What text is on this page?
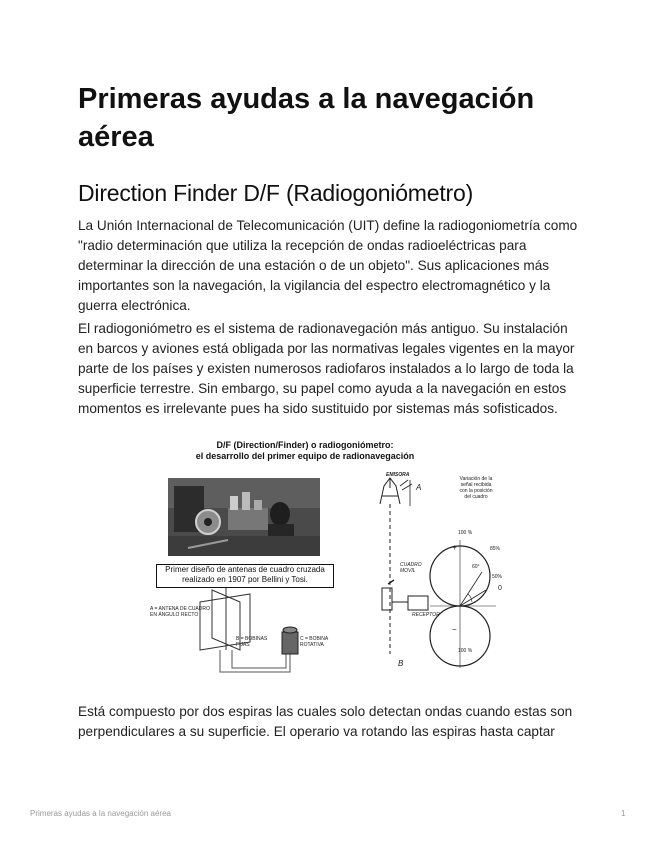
Primeras ayudas a la navegación aérea
Direction Finder D/F (Radiogoniómetro)

La Unión Internacional de Telecomunicación (UIT) define la radiogoniometría como "radio determinación que utiliza la recepción de ondas radioeléctricas para determinar la dirección de una estación o de un objeto". Sus aplicaciones más importantes son la navegación, la vigilancia del espectro electromagnético y la guerra electrónica.

El radiogoniómetro es el sistema de radionavegación más antiguo. Su instalación en barcos y aviones está obligada por las normativas legales vigentes en la mayor parte de los países y existen numerosos radiofaros instalados a lo largo de toda la superficie terrestre. Sin embargo, su papel como ayuda a la navegación en estos momentos es irrelevante pues ha sido sustituido por sistemas más sofisticados.

D/F (Direction/Finder) o radiogoniómetro:
el desarrollo del primer equipo de radionavegación
Primer diseño de antenas de cuadro cruzada
realizado en 1907 por Bellini y Tosi.
A = ANTENA DE CUADRO
EN ÁNGULO RECTO
B = BOBINAS
FIJAS
C = BOBINA
ROTATIVA
EMISORA
A
B
Variación de la
señal recibida
con la posición
del cuadro
CUADRO
MOVIL
RECEPTOR
100 %
85%
50%
60°
0
+
−
100 %

Está compuesto por dos espiras las cuales solo detectan ondas cuando estas son perpendiculares a su superficie. El operario va rotando las espiras hasta captar

Primeras ayudas a la navegación aérea	1
